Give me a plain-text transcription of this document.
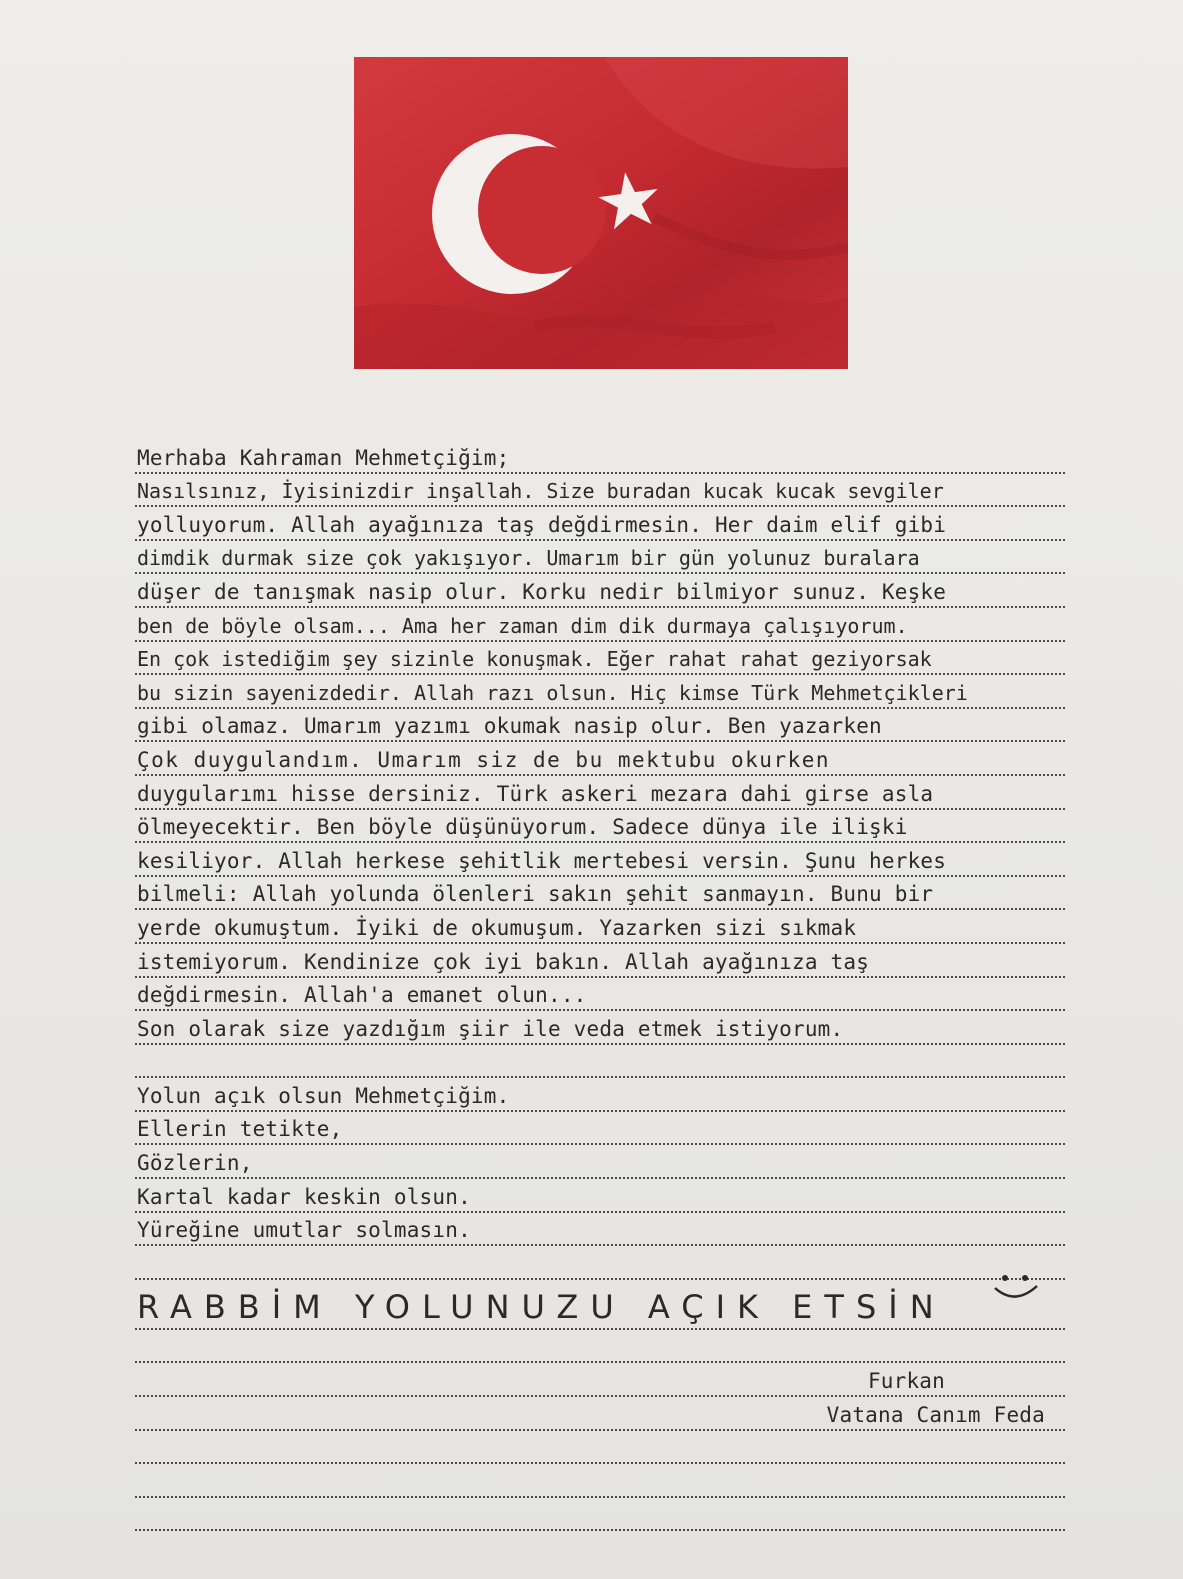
Merhaba Kahraman Mehmetçiğim;
Nasılsınız, İyisinizdir inşallah. Size buradan kucak kucak sevgiler
yolluyorum. Allah ayağınıza taş değdirmesin. Her daim elif gibi
dimdik durmak size çok yakışıyor. Umarım bir gün yolunuz buralara
düşer de tanışmak nasip olur. Korku nedir bilmiyor sunuz. Keşke
ben de böyle olsam... Ama her zaman dim dik durmaya çalışıyorum.
En çok istediğim şey sizinle konuşmak. Eğer rahat rahat geziyorsak
bu sizin sayenizdedir. Allah razı olsun. Hiç kimse Türk Mehmetçikleri
gibi olamaz. Umarım yazımı okumak nasip olur. Ben yazarken
Çok duygulandım. Umarım siz de bu mektubu okurken
duygularımı hisse dersiniz. Türk askeri mezara dahi girse asla
ölmeyecektir. Ben böyle düşünüyorum. Sadece dünya ile ilişki
kesiliyor. Allah herkese şehitlik mertebesi versin. Şunu herkes
bilmeli: Allah yolunda ölenleri sakın şehit sanmayın. Bunu bir
yerde okumuştum. İyiki de okumuşum. Yazarken sizi sıkmak
istemiyorum. Kendinize çok iyi bakın. Allah ayağınıza taş
değdirmesin. Allah'a emanet olun...
Son olarak size yazdığım şiir ile veda etmek istiyorum.
Yolun açık olsun Mehmetçiğim.
Ellerin tetikte,
Gözlerin,
Kartal kadar keskin olsun.
Yüreğine umutlar solmasın.
RABBİM YOLUNUZU AÇIK ETSİN
Furkan
Vatana Canım Feda
